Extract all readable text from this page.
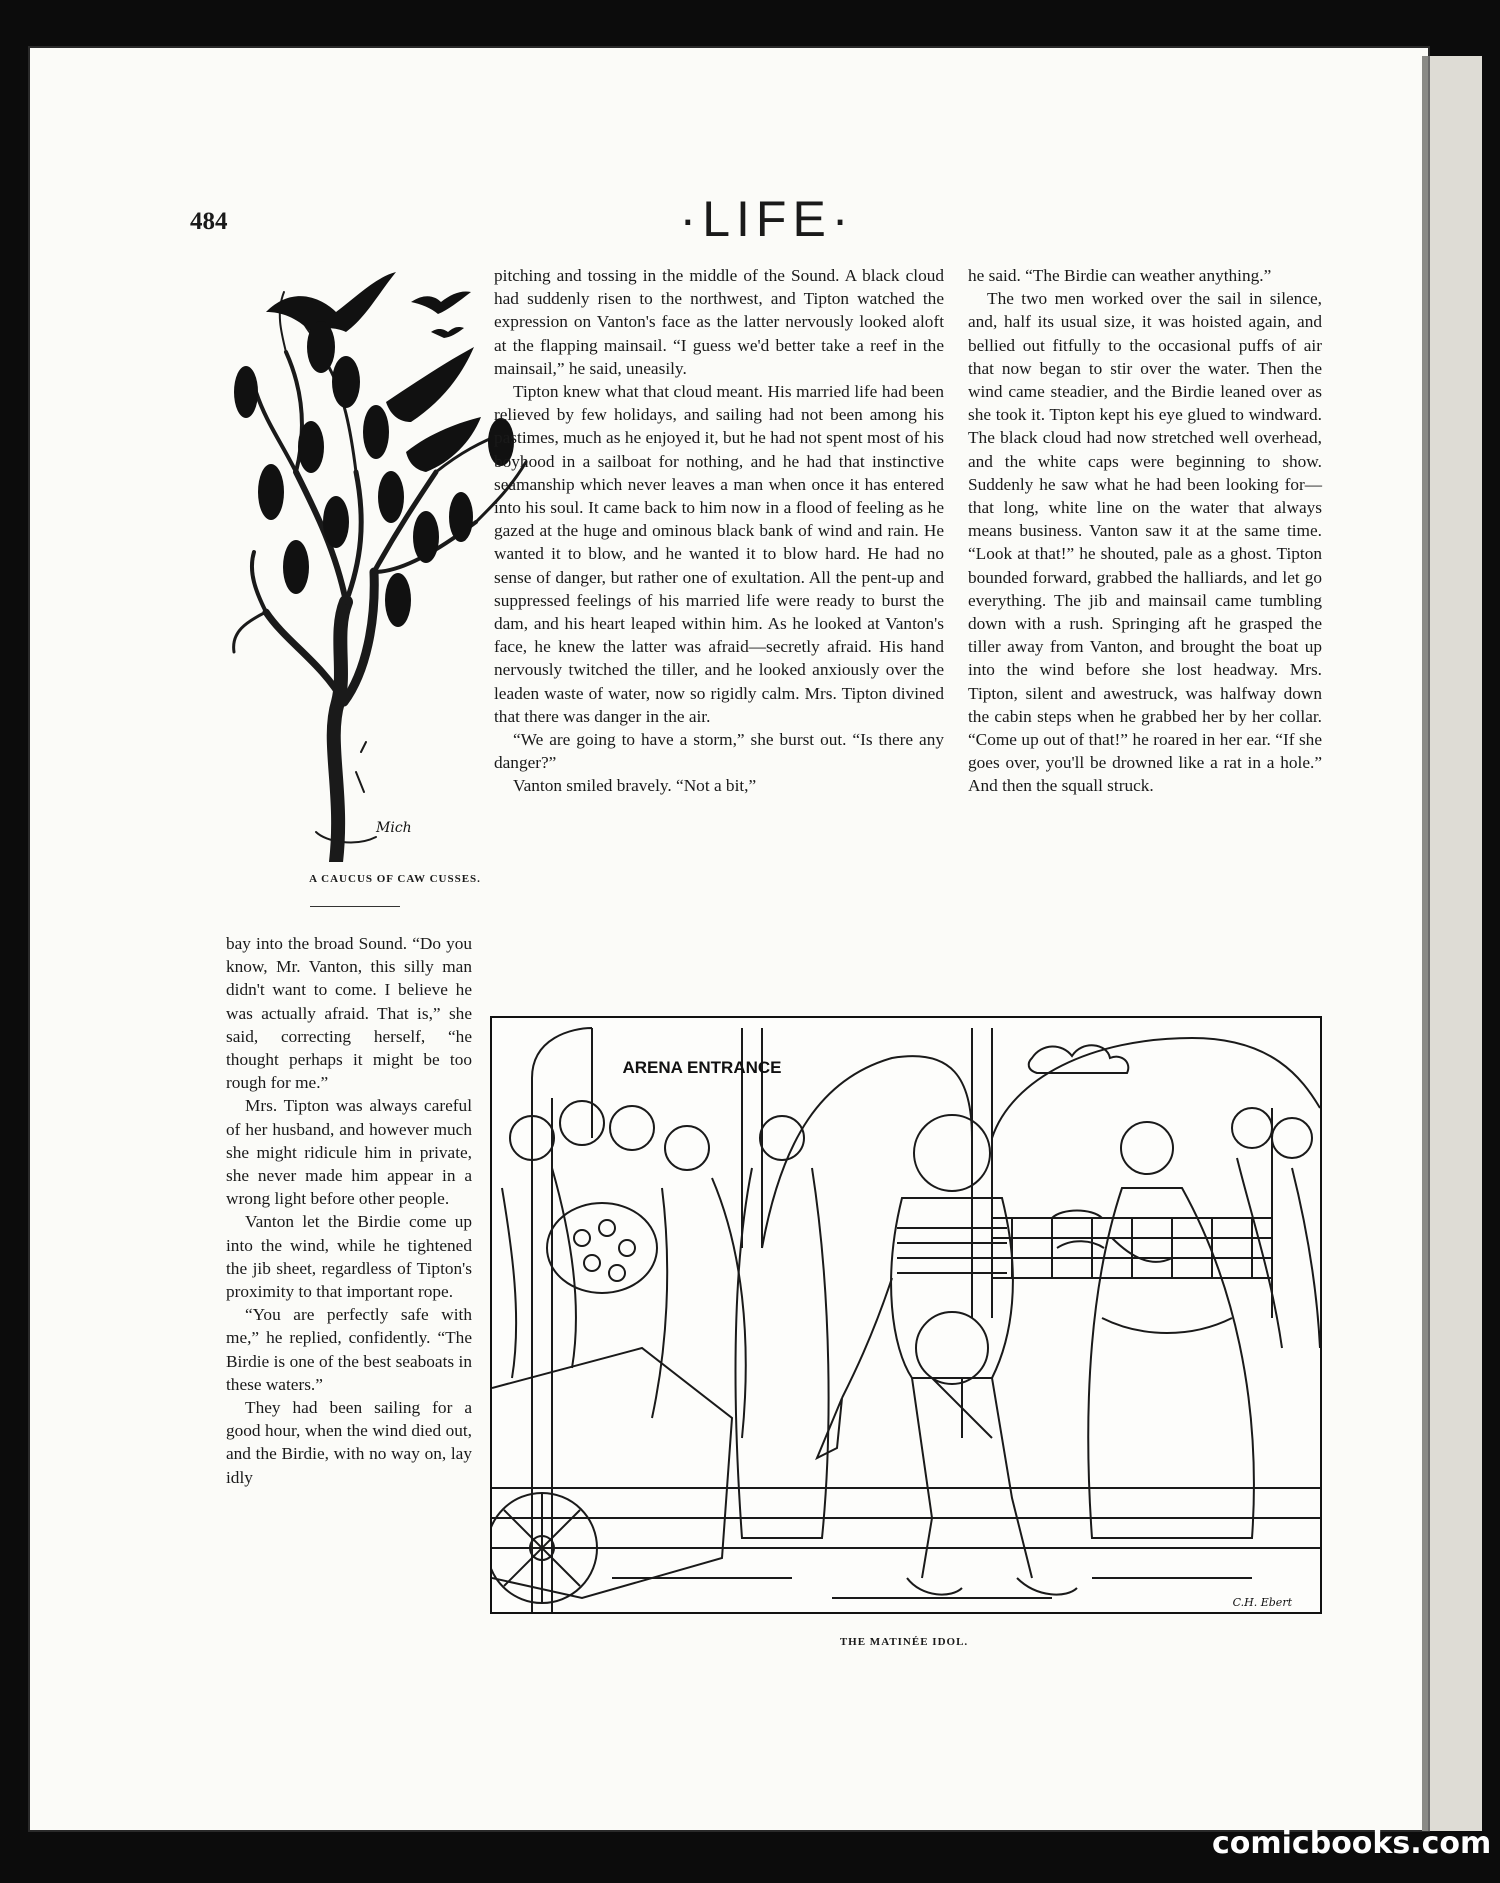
484	·LIFE·
Mich
A CAUCUS OF CAW CUSSES.

bay into the broad Sound. “Do you know, Mr. Vanton, this silly man didn't want to come. I believe he was actually afraid. That is,” she said, correcting herself, “he thought perhaps it might be too rough for me.”

Mrs. Tipton was always careful of her husband, and however much she might ridicule him in private, she never made him appear in a wrong light before other people.

Vanton let the Birdie come up into the wind, while he tightened the jib sheet, regardless of Tipton's proximity to that important rope.

“You are perfectly safe with me,” he replied, confidently. “The Birdie is one of the best seaboats in these waters.”

They had been sailing for a good hour, when the wind died out, and the Birdie, with no way on, lay idly

pitching and tossing in the middle of the Sound. A black cloud had suddenly risen to the northwest, and Tipton watched the expression on Vanton's face as the latter nervously looked aloft at the flapping mainsail. “I guess we'd better take a reef in the mainsail,” he said, uneasily.

Tipton knew what that cloud meant. His married life had been relieved by few holidays, and sailing had not been among his pastimes, much as he enjoyed it, but he had not spent most of his boyhood in a sailboat for nothing, and he had that instinctive seamanship which never leaves a man when once it has entered into his soul. It came back to him now in a flood of feeling as he gazed at the huge and ominous black bank of wind and rain. He wanted it to blow, and he wanted it to blow hard. He had no sense of danger, but rather one of exultation. All the pent-up and suppressed feelings of his married life were ready to burst the dam, and his heart leaped within him. As he looked at Vanton's face, he knew the latter was afraid—secretly afraid. His hand nervously twitched the tiller, and he looked anxiously over the leaden waste of water, now so rigidly calm. Mrs. Tipton divined that there was danger in the air.

“We are going to have a storm,” she burst out. “Is there any danger?”

Vanton smiled bravely. “Not a bit,”

he said. “The Birdie can weather anything.”

The two men worked over the sail in silence, and, half its usual size, it was hoisted again, and bellied out fitfully to the occasional puffs of air that now began to stir over the water. Then the wind came steadier, and the Birdie leaned over as she took it. Tipton kept his eye glued to windward. The black cloud had now stretched well overhead, and the white caps were beginning to show. Suddenly he saw what he had been looking for—that long, white line on the water that always means business. Vanton saw it at the same time. “Look at that!” he shouted, pale as a ghost. Tipton bounded forward, grabbed the halliards, and let go everything. The jib and mainsail came tumbling down with a rush. Springing aft he grasped the tiller away from Vanton, and brought the boat up into the wind before she lost headway. Mrs. Tipton, silent and awestruck, was halfway down the cabin steps when he grabbed her by her collar. “Come up out of that!” he roared in her ear. “If she goes over, you'll be drowned like a rat in a hole.” And then the squall struck.

ARENA ENTRANCE
C.H. Ebert
THE MATINÉE IDOL.
comicbooks.com
